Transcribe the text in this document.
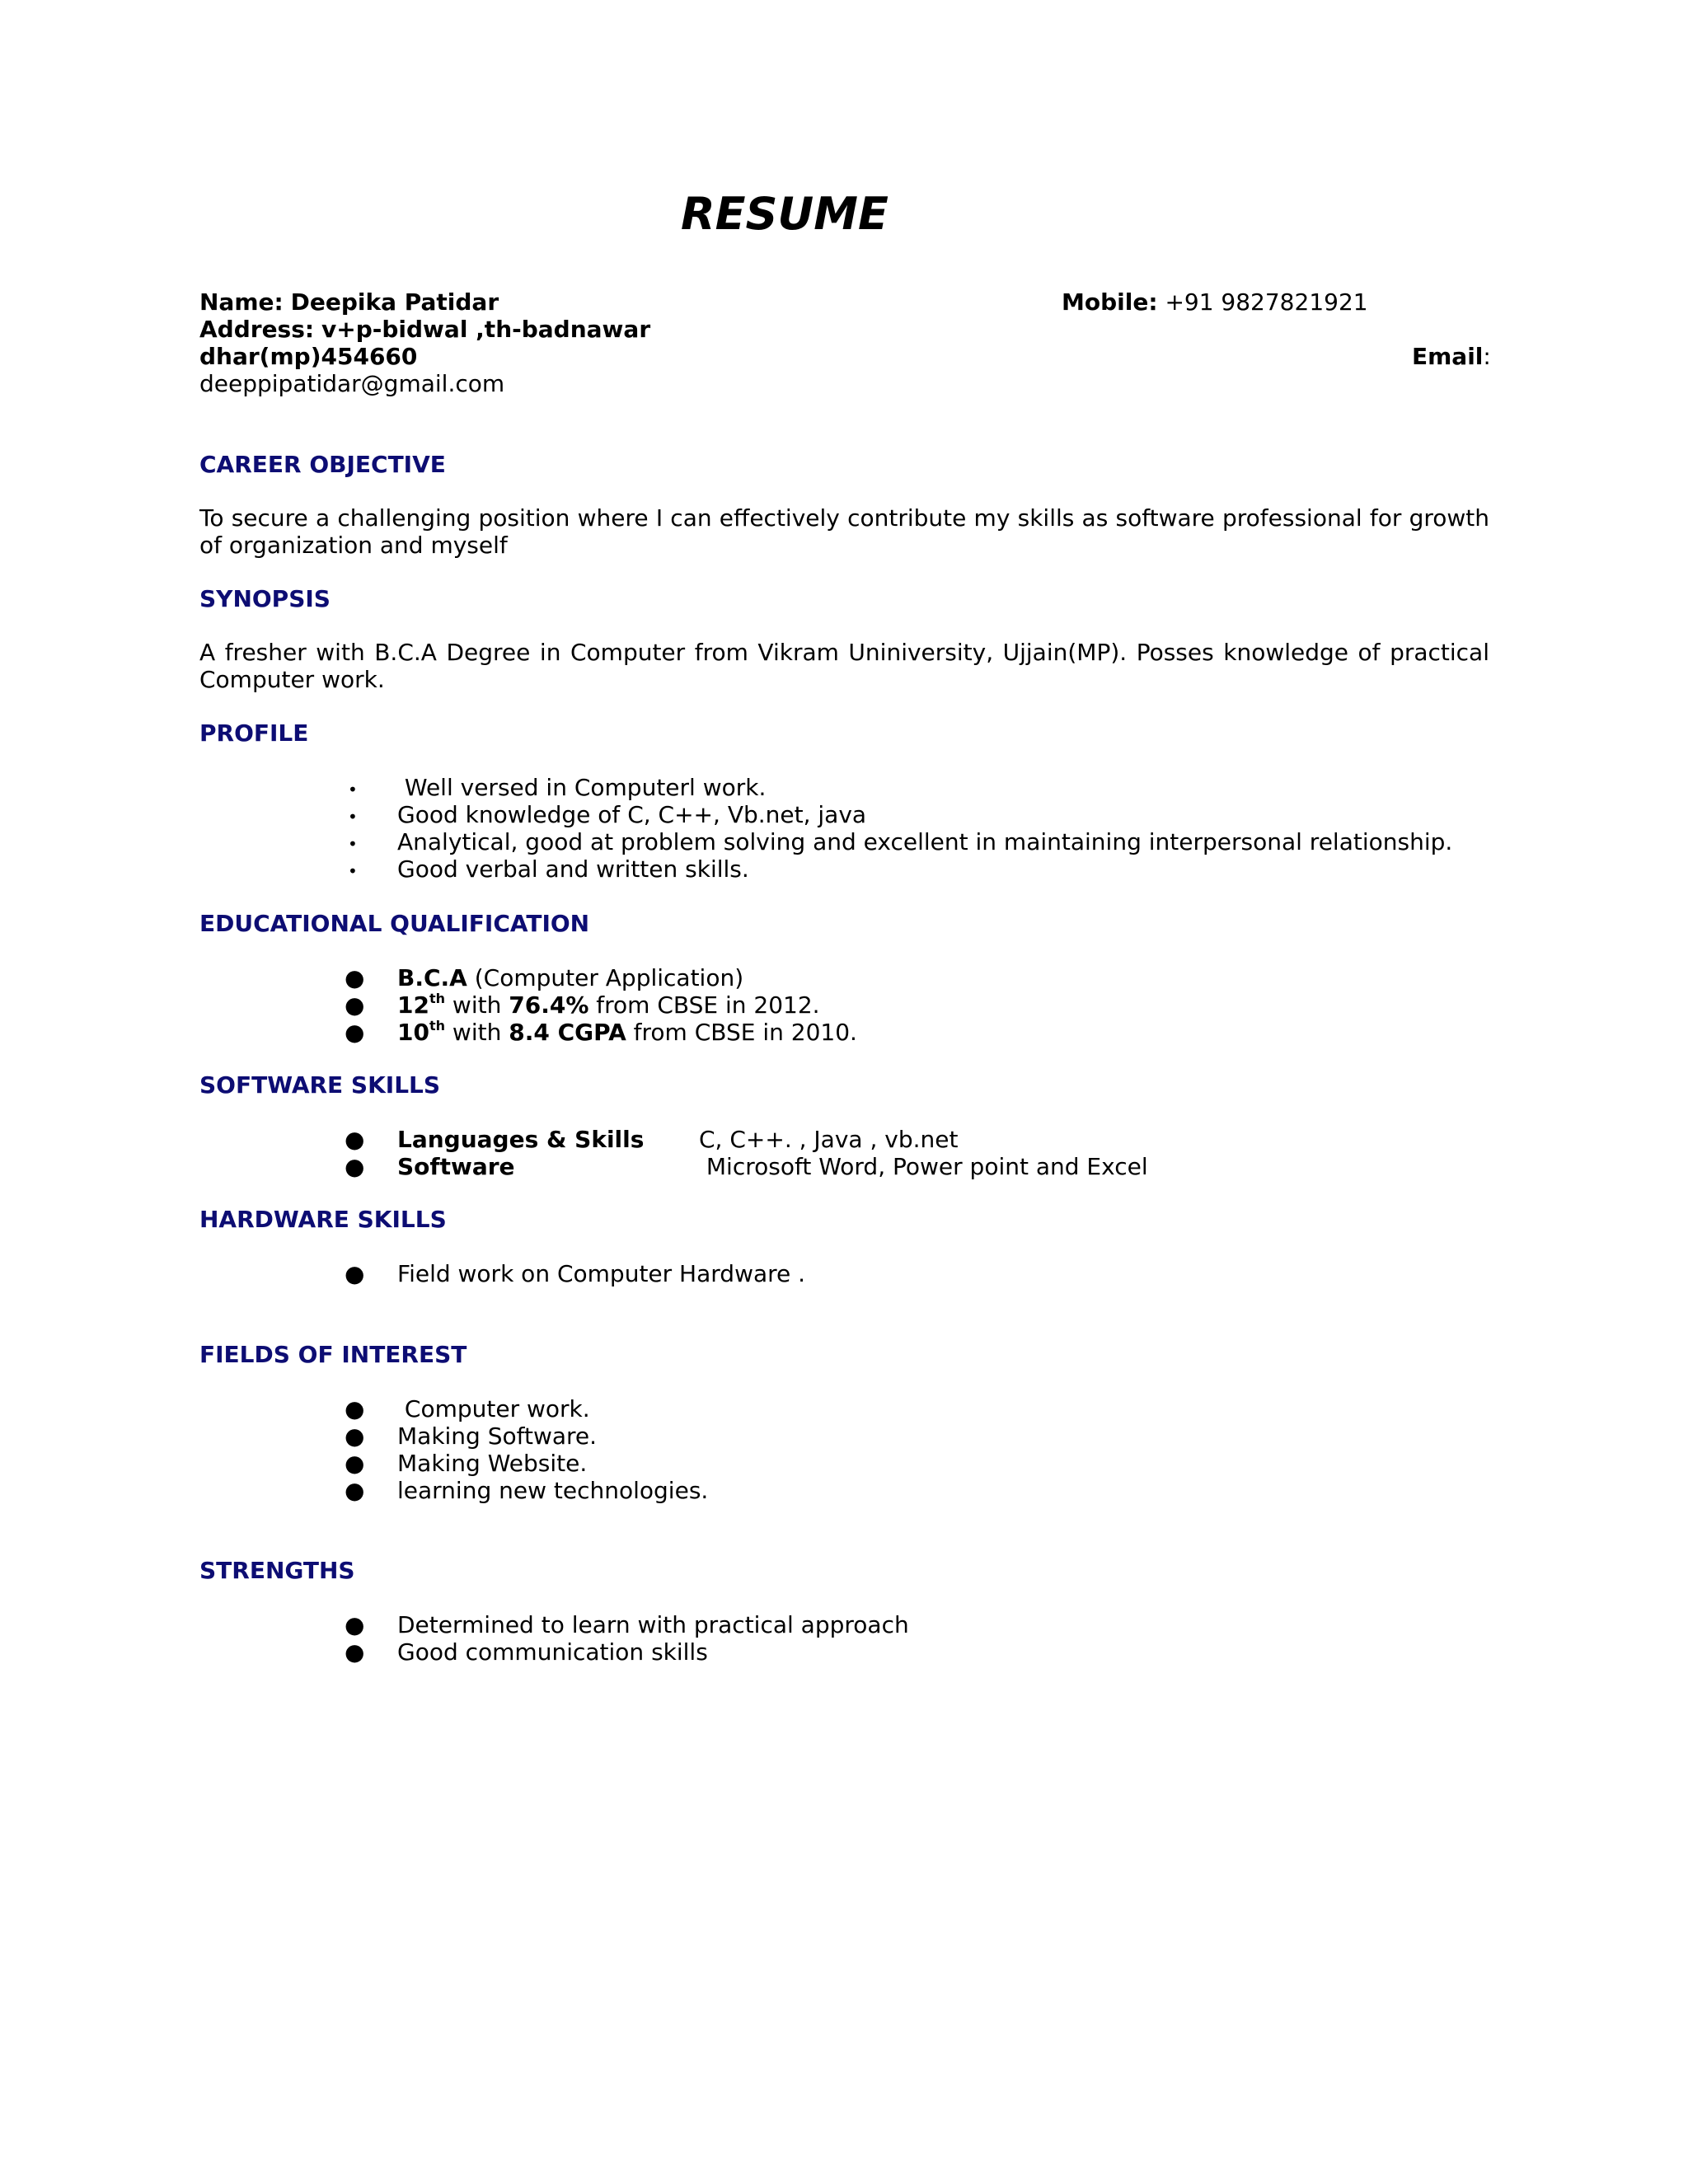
RESUME
Name: Deepika Patidar	Mobile: +91 9827821921
Address: v+p-bidwal ,th-badnawar
dhar(mp)454660	Email:
deeppipatidar@gmail.com
CAREER OBJECTIVE
To secure a challenging position where I can effectively contribute my skills as software professional for growth of organization and myself
SYNOPSIS
A fresher with B.C.A Degree in Computer from Vikram Uniniversity, Ujjain(MP). Posses knowledge of practical Computer work.
PROFILE
• Well versed in Computerl work.
• Good knowledge of C, C++, Vb.net, java
• Analytical, good at problem solving and excellent in maintaining interpersonal relationship.
• Good verbal and written skills.
EDUCATIONAL QUALIFICATION
● B.C.A (Computer Application)
● 12th with 76.4% from CBSE in 2012.
● 10th with 8.4 CGPA from CBSE in 2010.
SOFTWARE SKILLS
● Languages & Skills C, C++. , Java , vb.net
● Software	Microsoft Word, Power point and Excel
HARDWARE SKILLS
● Field work on Computer Hardware .
FIELDS OF INTEREST
● Computer work.
● Making Software.
● Making Website.
● learning new technologies.
STRENGTHS
● Determined to learn with practical approach
● Good communication skills
